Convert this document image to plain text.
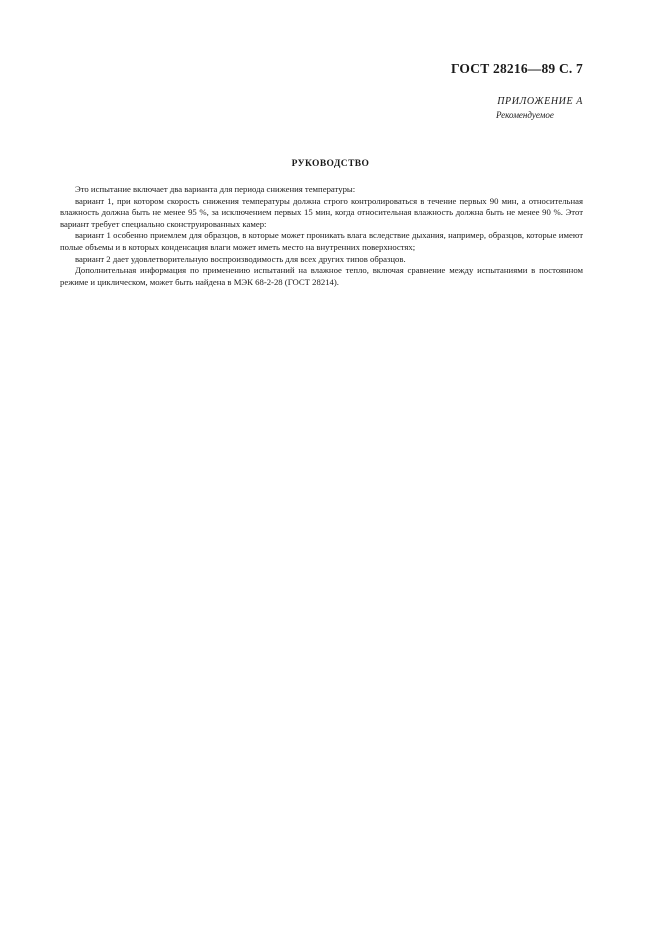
ГОСТ 28216—89 С. 7
ПРИЛОЖЕНИЕ А
Рекомендуемое
РУКОВОДСТВО

Это испытание включает два варианта для периода снижения температуры:

вариант 1, при котором скорость снижения температуры должна строго контролироваться в течение первых 90 мин, а относительная влажность должна быть не менее 95 %, за исключением первых 15 мин, когда относительная влажность должна быть не менее 90 %. Этот вариант требует специально сконструированных камер:

вариант 1 особенно приемлем для образцов, в которые может проникать влага вследствие дыхания, например, образцов, которые имеют полые объемы и в которых конденсация влаги может иметь место на внутренних поверхностях;

вариант 2 дает удовлетворительную воспроизводимость для всех других типов образцов.

Дополнительная информация по применению испытаний на влажное тепло, включая сравнение между испытаниями в постоянном режиме и циклическом, может быть найдена в МЭК 68-2-28 (ГОСТ 28214).
